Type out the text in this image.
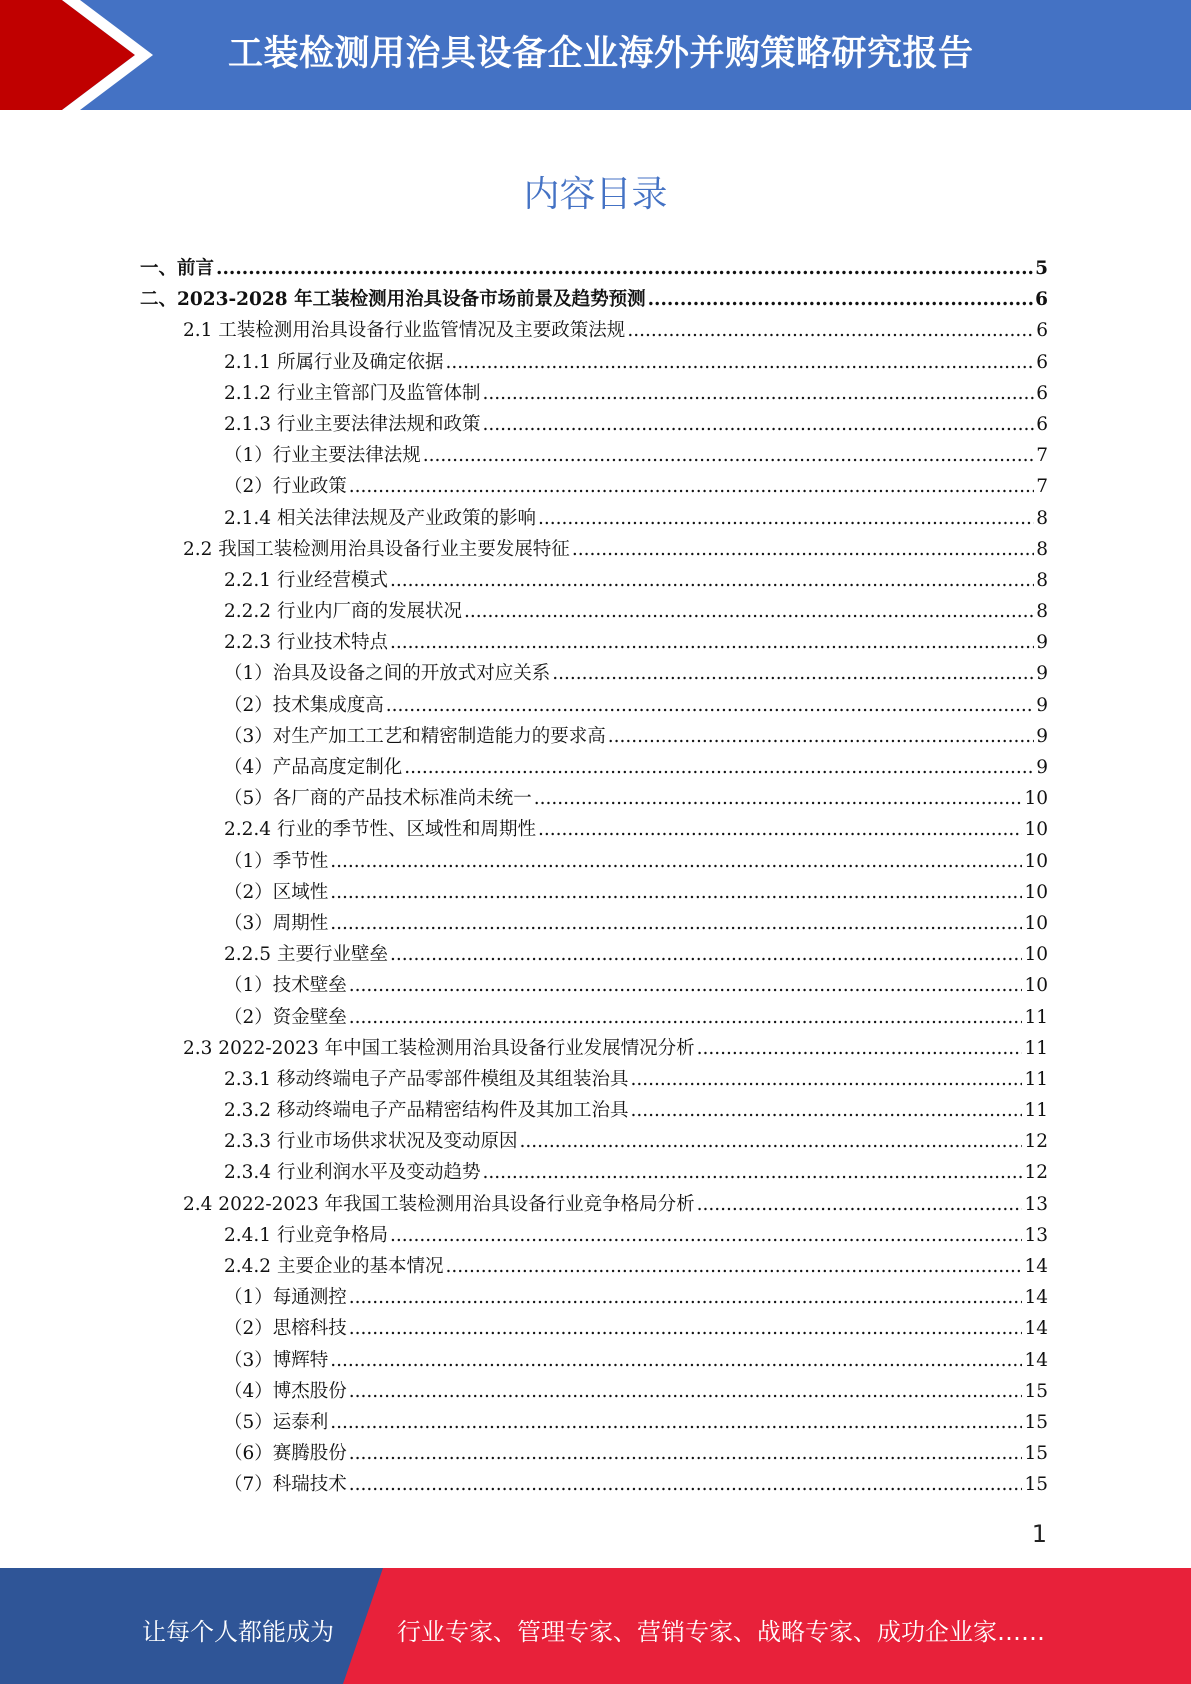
工装检测用治具设备企业海外并购策略研究报告
内容目录
一、前言 .....	5
二、2023-2028 年工装检测用治具设备市场前景及趋势预测 .....	6
2.1 工装检测用治具设备行业监管情况及主要政策法规 .....	6
2.1.1 所属行业及确定依据 .....	6
2.1.2 行业主管部门及监管体制 .....	6
2.1.3 行业主要法律法规和政策 .....	6
（1）行业主要法律法规 .....	7
（2）行业政策 .....	7
2.1.4 相关法律法规及产业政策的影响 .....	8
2.2 我国工装检测用治具设备行业主要发展特征 .....	8
2.2.1 行业经营模式 .....	8
2.2.2 行业内厂商的发展状况 .....	8
2.2.3 行业技术特点 .....	9
（1）治具及设备之间的开放式对应关系 .....	9
（2）技术集成度高 .....	9
（3）对生产加工工艺和精密制造能力的要求高 .....	9
（4）产品高度定制化 .....	9
（5）各厂商的产品技术标准尚未统一 .....	10
2.2.4 行业的季节性、区域性和周期性 .....	10
（1）季节性 .....	10
（2）区域性 .....	10
（3）周期性 .....	10
2.2.5 主要行业壁垒 .....	10
（1）技术壁垒 .....	10
（2）资金壁垒 .....	11
2.3 2022-2023 年中国工装检测用治具设备行业发展情况分析 .....	11
2.3.1 移动终端电子产品零部件模组及其组装治具 .....	11
2.3.2 移动终端电子产品精密结构件及其加工治具 .....	11
2.3.3 行业市场供求状况及变动原因 .....	12
2.3.4 行业利润水平及变动趋势 .....	12
2.4 2022-2023 年我国工装检测用治具设备行业竞争格局分析 .....	13
2.4.1 行业竞争格局 .....	13
2.4.2 主要企业的基本情况 .....	14
（1）每通测控 .....	14
（2）思榕科技 .....	14
（3）博辉特 .....	14
（4）博杰股份 .....	15
（5）运泰利 .....	15
（6）赛腾股份 .....	15
（7）科瑞技术 .....	15
1
让每个人都能成为	行业专家、管理专家、营销专家、战略专家、成功企业家……
